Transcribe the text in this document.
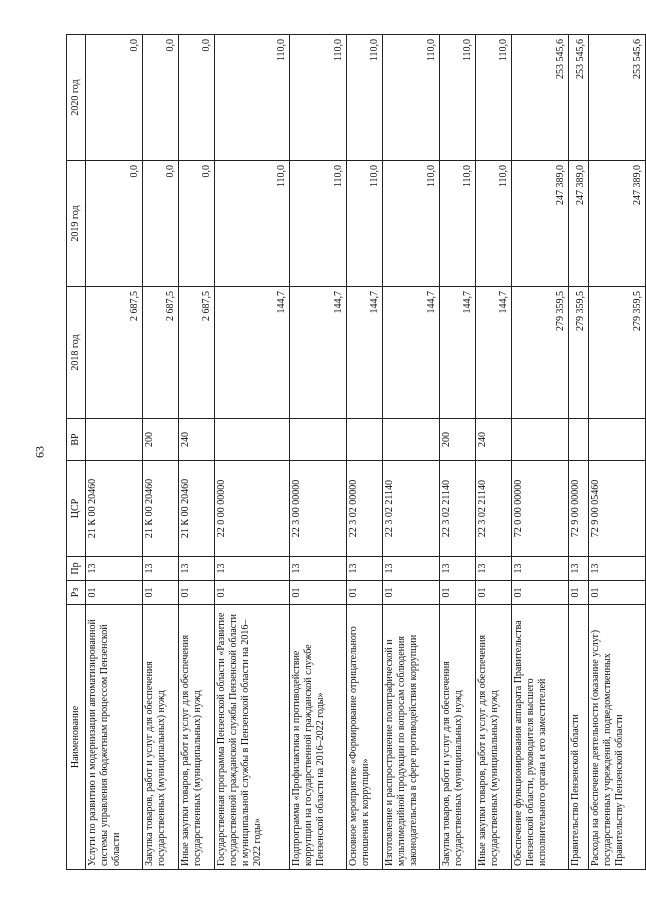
63
Наименование	Рз	Пр	ЦСР	ВР	2018 год	2019 год	2020 год
Услуги по развитию и модернизации автоматизированной системы управления бюджетным процессом Пензенской области	01	13	21 К 00 20460		2 687,5	0,0	0,0
Закупка товаров, работ и услуг для обеспечения государственных (муниципальных) нужд	01	13	21 К 00 20460	200	2 687,5	0,0	0,0
Иные закупки товаров, работ и услуг для обеспечения государственных (муниципальных) нужд	01	13	21 К 00 20460	240	2 687,5	0,0	0,0
Государственная программа Пензенской области «Развитие государственной гражданской службы Пензенской области и муниципальной службы в Пензенской области на 2016–2022 годы»	01	13	22 0 00 00000		144,7	110,0	110,0
Подпрограмма «Профилактика и противодействие коррупции на государственной гражданской службе Пензенской области на 2016–2022 годы»	01	13	22 3 00 00000		144,7	110,0	110,0
Основное мероприятие «Формирование отрицательного отношения к коррупции»	01	13	22 3 02 00000		144,7	110,0	110,0
Изготовление и распространение полиграфической и мультимедийной продукции по вопросам соблюдения законодательства в сфере противодействия коррупции	01	13	22 3 02 21140		144,7	110,0	110,0
Закупка товаров, работ и услуг для обеспечения государственных (муниципальных) нужд	01	13	22 3 02 21140	200	144,7	110,0	110,0
Иные закупки товаров, работ и услуг для обеспечения государственных (муниципальных) нужд	01	13	22 3 02 21140	240	144,7	110,0	110,0
Обеспечение функционирования аппарата Правительства Пензенской области, руководителя высшего исполнительного органа и его заместителей	01	13	72 0 00 00000		279 359,5	247 389,0	253 545,6
Правительство Пензенской области	01	13	72 9 00 00000		279 359,5	247 389,0	253 545,6
Расходы на обеспечение деятельности (оказание услуг) государственных учреждений, подведомственных Правительству Пензенской области	01	13	72 9 00 05460		279 359,5	247 389,0	253 545,6
